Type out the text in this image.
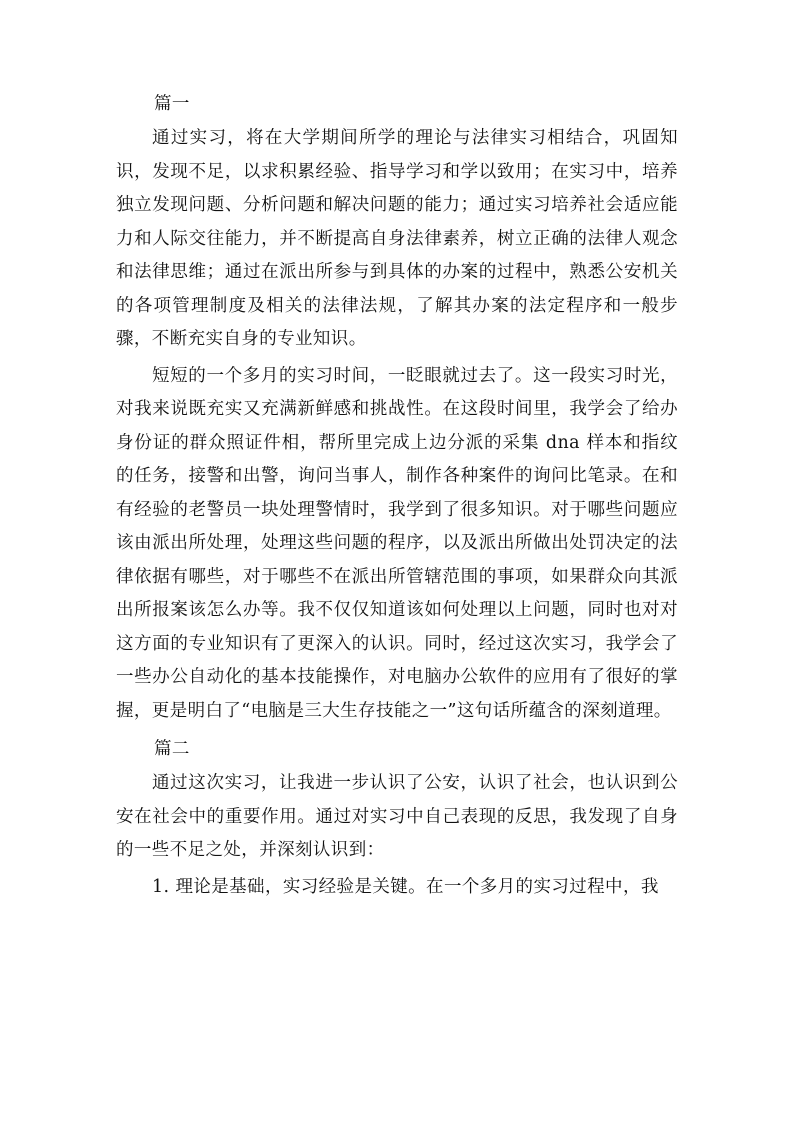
篇一

通过实习，将在大学期间所学的理论与法律实习相结合，巩固知识，发现不足，以求积累经验、指导学习和学以致用；在实习中，培养独立发现问题、分析问题和解决问题的能力；通过实习培养社会适应能力和人际交往能力，并不断提高自身法律素养，树立正确的法律人观念和法律思维；通过在派出所参与到具体的办案的过程中，熟悉公安机关的各项管理制度及相关的法律法规，了解其办案的法定程序和一般步骤，不断充实自身的专业知识。

短短的一个多月的实习时间，一眨眼就过去了。这一段实习时光，对我来说既充实又充满新鲜感和挑战性。在这段时间里，我学会了给办身份证的群众照证件相，帮所里完成上边分派的采集 dna 样本和指纹的任务，接警和出警，询问当事人，制作各种案件的询问比笔录。在和有经验的老警员一块处理警情时，我学到了很多知识。对于哪些问题应该由派出所处理，处理这些问题的程序，以及派出所做出处罚决定的法律依据有哪些，对于哪些不在派出所管辖范围的事项，如果群众向其派出所报案该怎么办等。我不仅仅知道该如何处理以上问题，同时也对对这方面的专业知识有了更深入的认识。同时，经过这次实习，我学会了一些办公自动化的基本技能操作，对电脑办公软件的应用有了很好的掌握，更是明白了“电脑是三大生存技能之一”这句话所蕴含的深刻道理。

篇二

通过这次实习，让我进一步认识了公安，认识了社会，也认识到公安在社会中的重要作用。通过对实习中自己表现的反思，我发现了自身的一些不足之处，并深刻认识到：

1. 理论是基础，实习经验是关键。在一个多月的实习过程中，我
